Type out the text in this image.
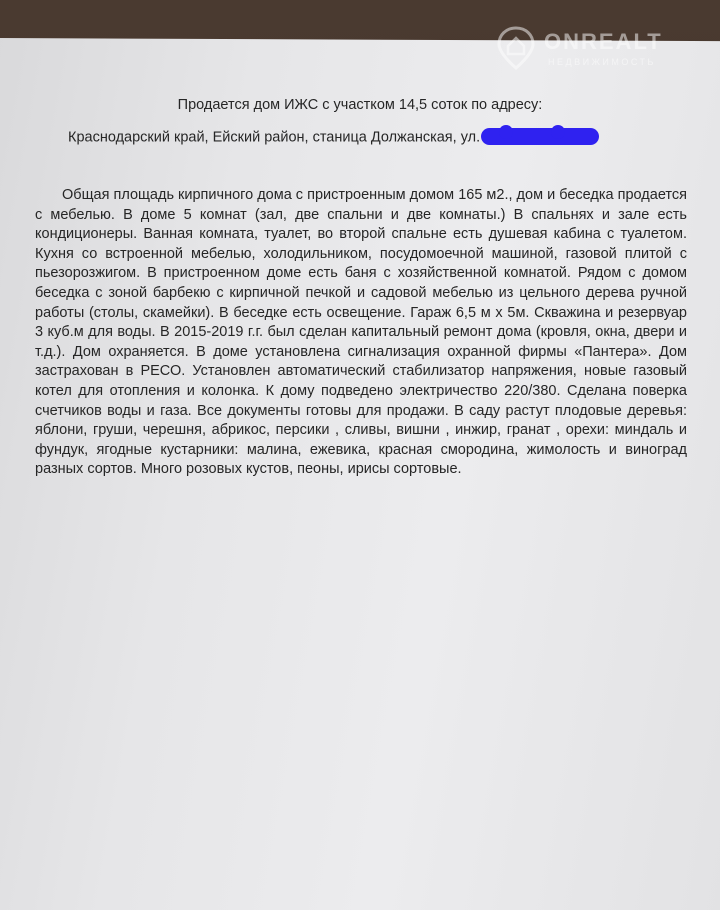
ONREALT
НЕДВИЖИМОСТЬ

Продается дом ИЖС с участком 14,5 соток по адресу:

Краснодарский край, Ейский район, станица Должанская, ул.

Общая площадь кирпичного дома с пристроенным домом 165 м2., дом и беседка продается с мебелью. В доме 5 комнат (зал, две спальни и две комнаты.) В спальнях и зале есть кондиционеры. Ванная комната, туалет, во второй спальне есть душевая кабина с туалетом. Кухня со встроенной мебелью, холодильником, посудомоечной машиной, газовой плитой с пьезорозжигом. В пристроенном доме есть баня с хозяйственной комнатой. Рядом с домом беседка с зоной барбекю с кирпичной печкой и садовой мебелью из цельного дерева ручной работы (столы, скамейки). В беседке есть освещение. Гараж 6,5 м х 5м. Скважина и резервуар 3 куб.м для воды. В 2015-2019 г.г. был сделан капитальный ремонт дома (кровля, окна, двери и т.д.). Дом охраняется. В доме установлена сигнализация охранной фирмы «Пантера». Дом застрахован в РЕСО. Установлен автоматический стабилизатор напряжения, новые газовый котел для отопления и колонка. К дому подведено электричество 220/380. Сделана поверка счетчиков воды и газа. Все документы готовы для продажи. В саду растут плодовые деревья: яблони, груши, черешня, абрикос, персики , сливы, вишни , инжир, гранат , орехи: миндаль и фундук, ягодные кустарники: малина, ежевика, красная смородина, жимолость и виноград разных сортов. Много розовых кустов, пеоны, ирисы сортовые.
